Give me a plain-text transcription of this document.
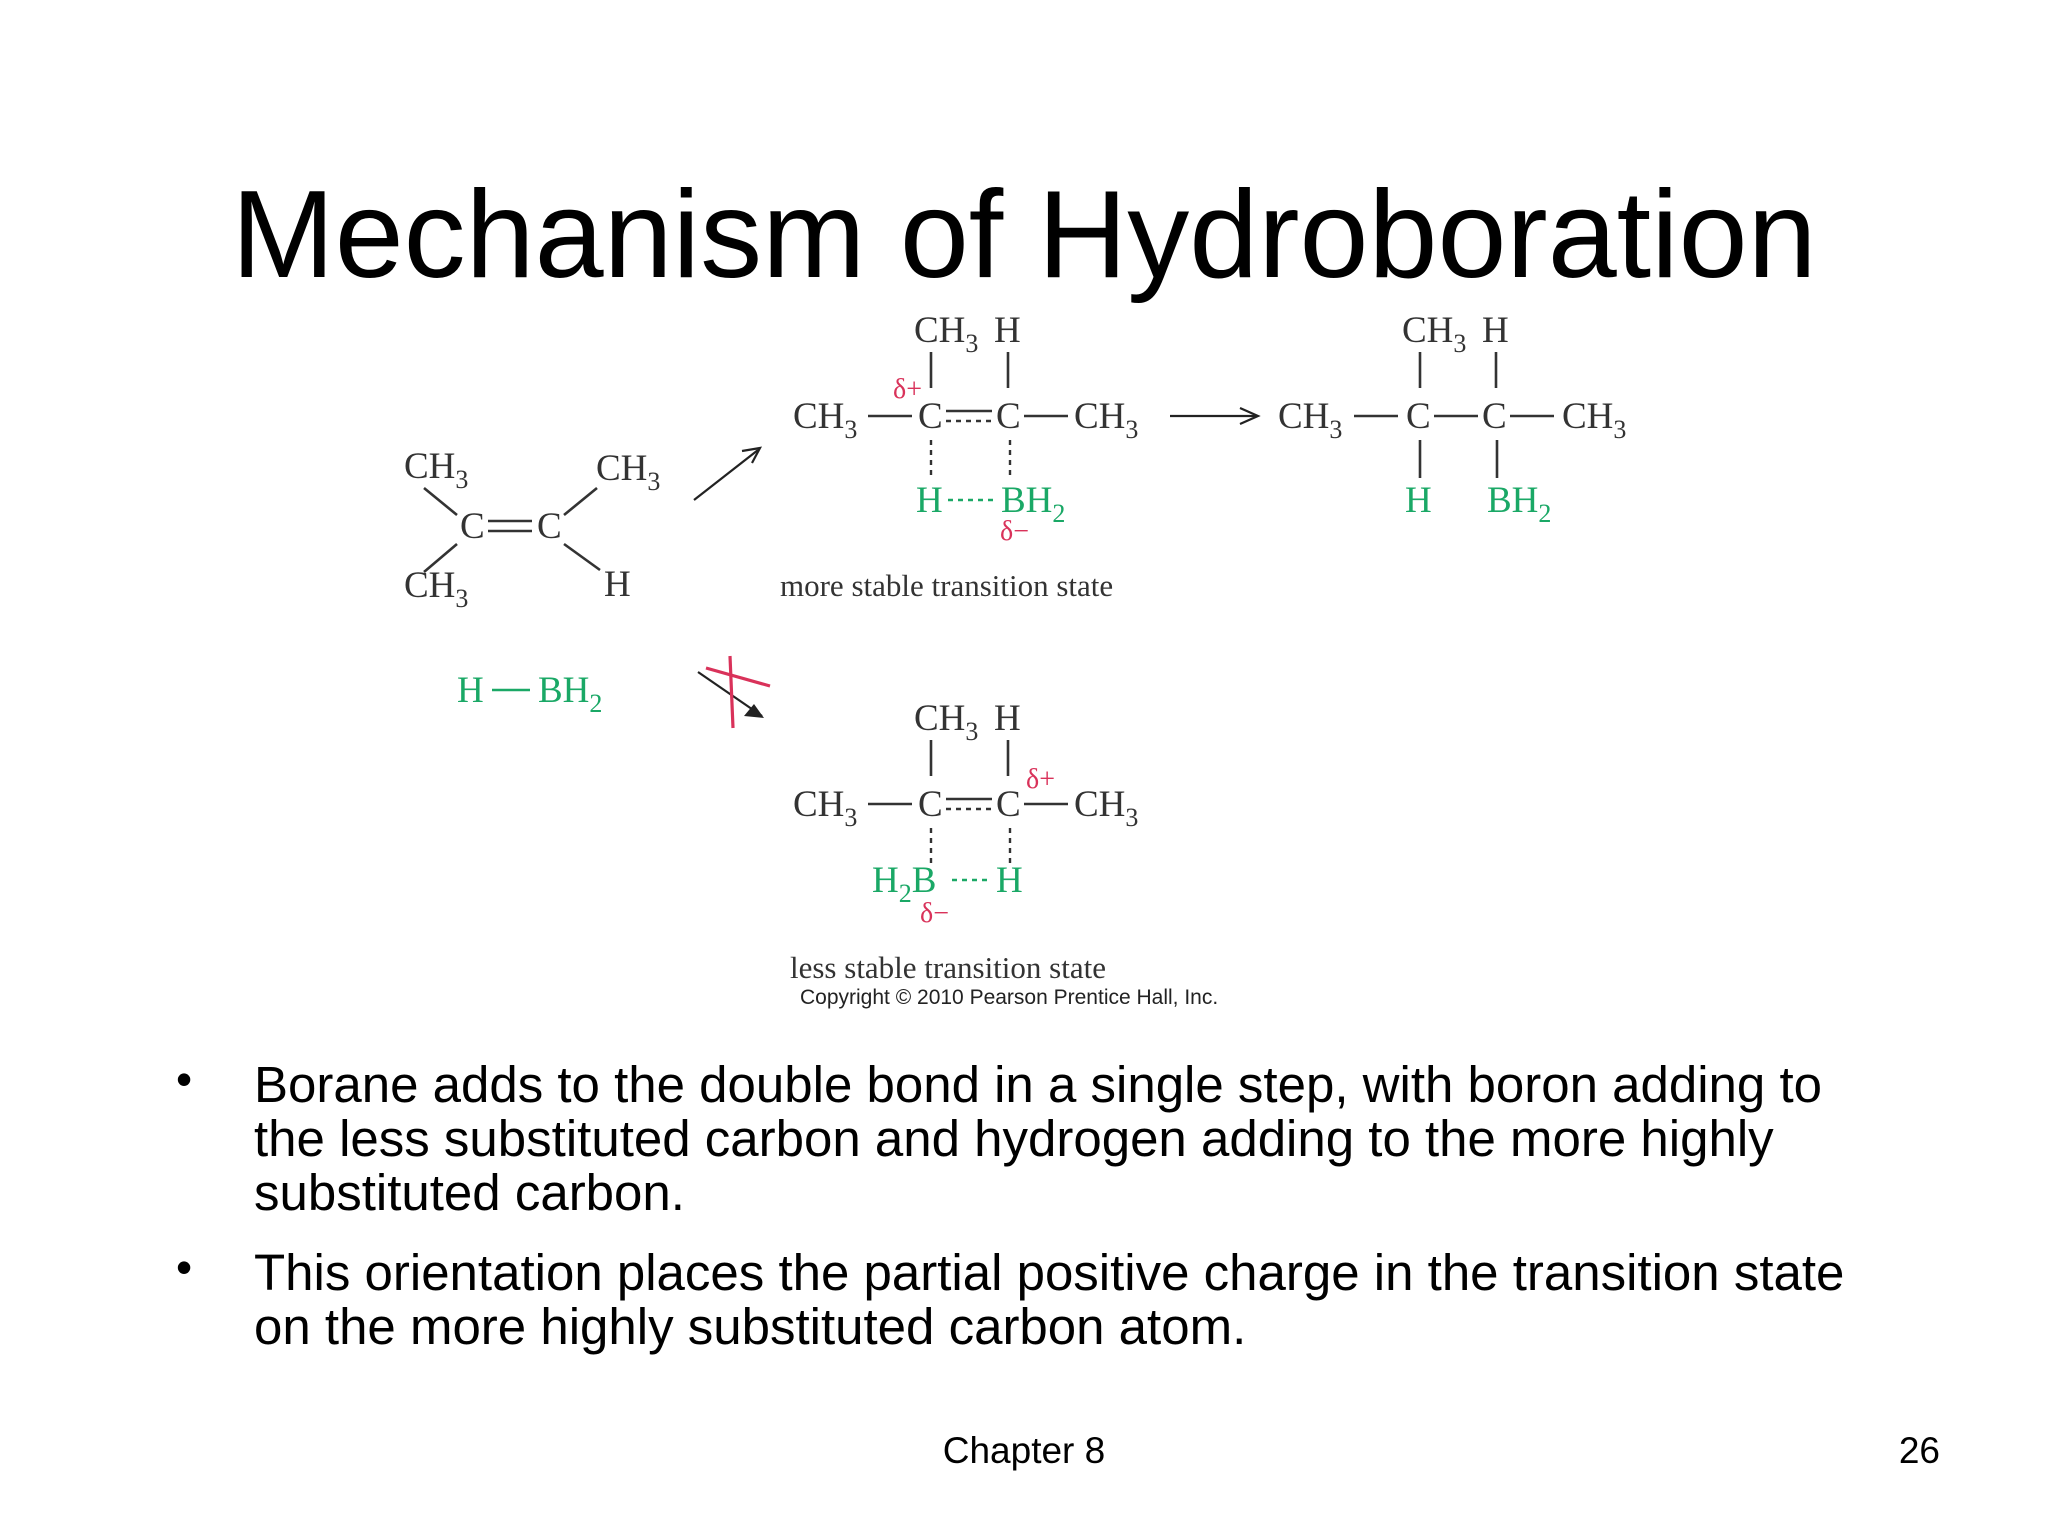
Mechanism of Hydroboration
$CH_3$	$CH_3$
C C
$CH_3$	H
H $BH_2$
$CH_3$ H
$CH_3$
δ+
C C $CH_3$
H $BH_2$
δ−
more stable transition state
$CH_3$ H
$CH_3$ C C $CH_3$
H $BH_2$
$CH_3$ H
$CH_3$ C C
δ+
$CH_3$
$H_2B$ H
δ−
less stable transition state
Copyright © 2010 Pearson Prentice Hall, Inc.
• Borane adds to the double bond in a single step, with boron adding to the less substituted carbon and hydrogen adding to the more highly substituted carbon.
• This orientation places the partial positive charge in the transition state on the more highly substituted carbon atom.
Chapter 8	26
